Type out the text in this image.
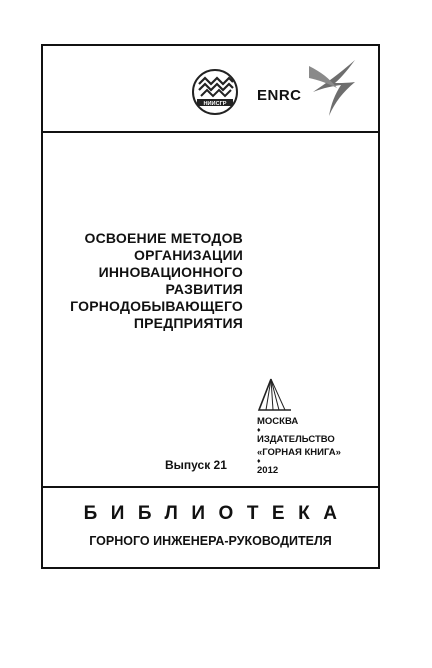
НИИСГР ENRC
ОСВОЕНИЕ МЕТОДОВ
ОРГАНИЗАЦИИ
ИННОВАЦИОННОГО
РАЗВИТИЯ
ГОРНОДОБЫВАЮЩЕГО
ПРЕДПРИЯТИЯ
МОСКВА
♦
ИЗДАТЕЛЬСТВО
«ГОРНАЯ КНИГА»
♦
2012
Выпуск 21
БИБЛИОТЕКА
ГОРНОГО ИНЖЕНЕРА-РУКОВОДИТЕЛЯ
